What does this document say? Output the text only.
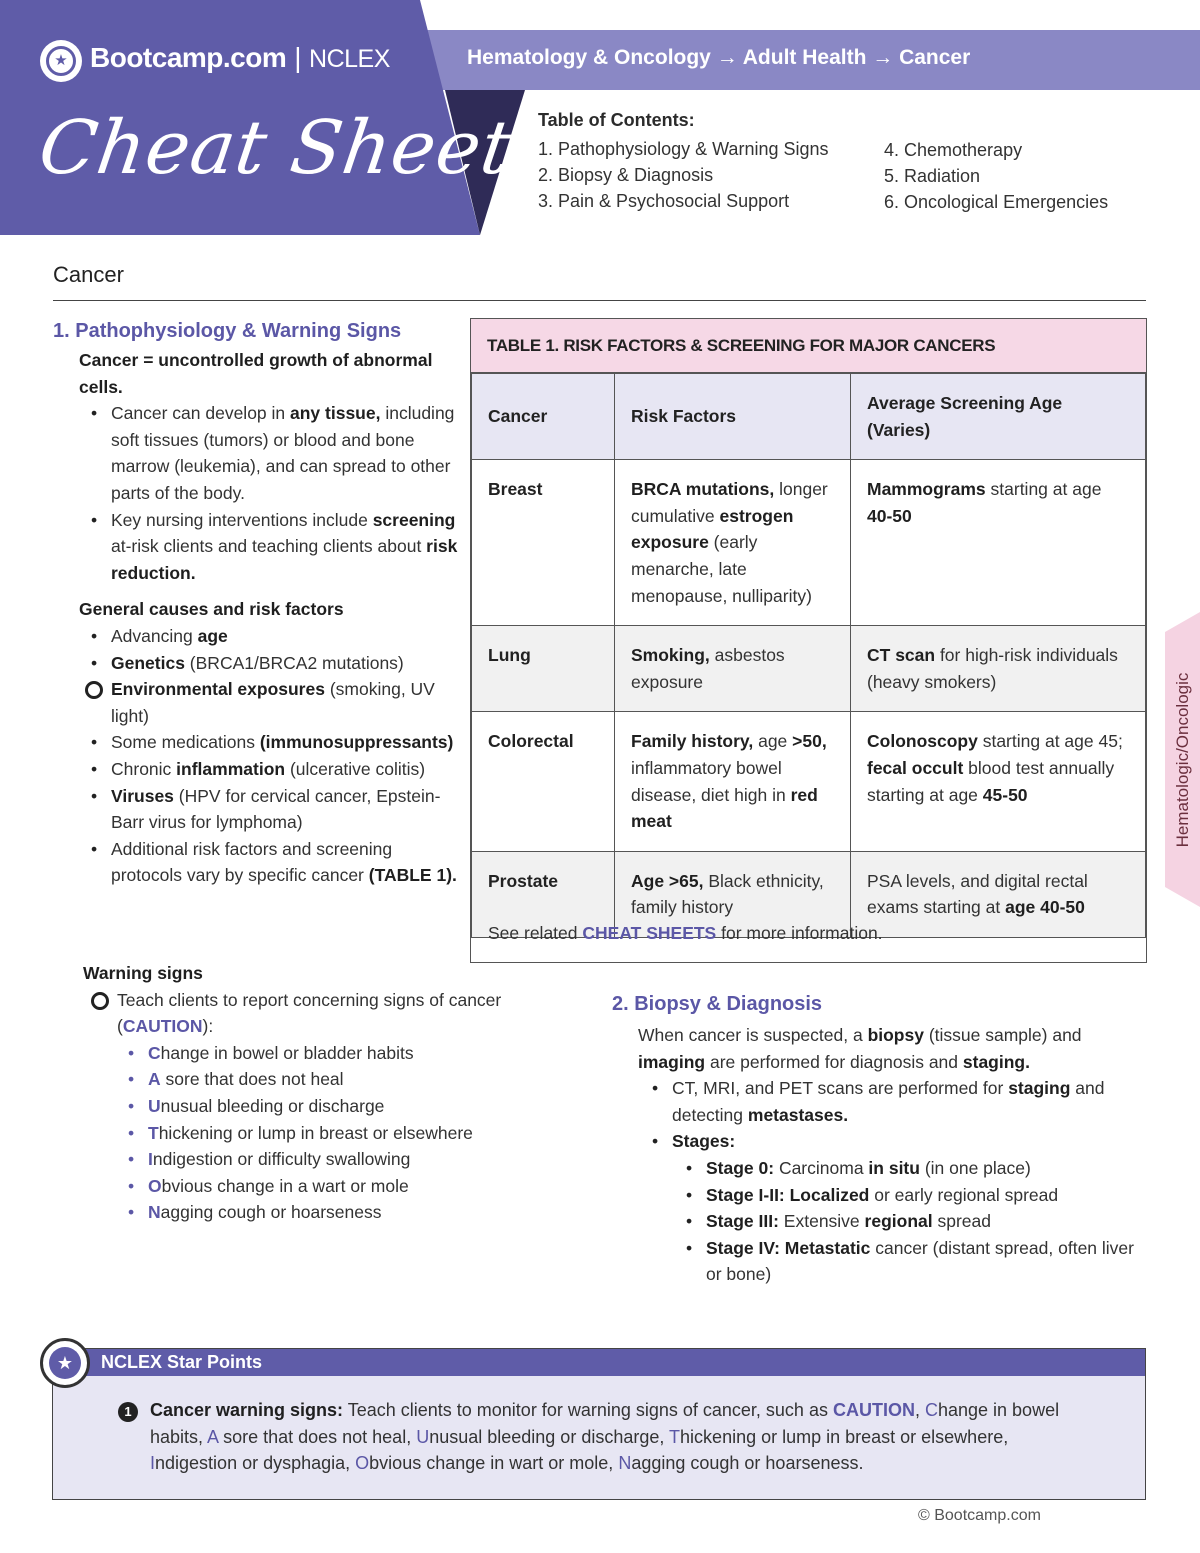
★ Bootcamp.com | NCLEX
Cheat Sheets
Hematology & Oncology → Adult Health → Cancer
Table of Contents:
1. Pathophysiology & Warning Signs
2. Biopsy & Diagnosis
3. Pain & Psychosocial Support
4. Chemotherapy
5. Radiation
6. Oncological Emergencies
Cancer
1. Pathophysiology & Warning Signs
Cancer = uncontrolled growth of abnormal cells.
• Cancer can develop in any tissue, including soft tissues (tumors) or blood and bone marrow (leukemia), and can spread to other parts of the body.
• Key nursing interventions include screening at-risk clients and teaching clients about risk reduction.
General causes and risk factors
• Advancing age
• Genetics (BRCA1/BRCA2 mutations)
Environmental exposures (smoking, UV light)
• Some medications (immunosuppressants)
• Chronic inflammation (ulcerative colitis)
• Viruses (HPV for cervical cancer, Epstein-Barr virus for lymphoma)
• Additional risk factors and screening protocols vary by specific cancer (TABLE 1).
Warning signs
Teach clients to report concerning signs of cancer (CAUTION):
• Change in bowel or bladder habits
• A sore that does not heal
• Unusual bleeding or discharge
• Thickening or lump in breast or elsewhere
• Indigestion or difficulty swallowing
• Obvious change in a wart or mole
• Nagging cough or hoarseness
TABLE 1. RISK FACTORS & SCREENING FOR MAJOR CANCERS
Cancer	Risk Factors	Average Screening Age (Varies)
Breast	BRCA mutations, longer cumulative estrogen exposure (early menarche, late menopause, nulliparity)	Mammograms starting at age 40-50
Lung	Smoking, asbestos exposure	CT scan for high-risk individuals (heavy smokers)
Colorectal	Family history, age >50, inflammatory bowel disease, diet high in red meat	Colonoscopy starting at age 45; fecal occult blood test annually starting at age 45-50
Prostate	Age >65, Black ethnicity, family history	PSA levels, and digital rectal exams starting at age 40-50
See related CHEAT SHEETS for more information.
Hematologic/Oncologic
2. Biopsy & Diagnosis
When cancer is suspected, a biopsy (tissue sample) and imaging are performed for diagnosis and staging.
• CT, MRI, and PET scans are performed for staging and detecting metastases.
• Stages:
• Stage 0: Carcinoma in situ (in one place)
• Stage I-II: Localized or early regional spread
• Stage III: Extensive regional spread
• Stage IV: Metastatic cancer (distant spread, often liver or bone)
NCLEX Star Points
★
1	Cancer warning signs: Teach clients to monitor for warning signs of cancer, such as CAUTION, Change in bowel habits, A sore that does not heal, Unusual bleeding or discharge, Thickening or lump in breast or elsewhere, Indigestion or dysphagia, Obvious change in wart or mole, Nagging cough or hoarseness.
© Bootcamp.com
